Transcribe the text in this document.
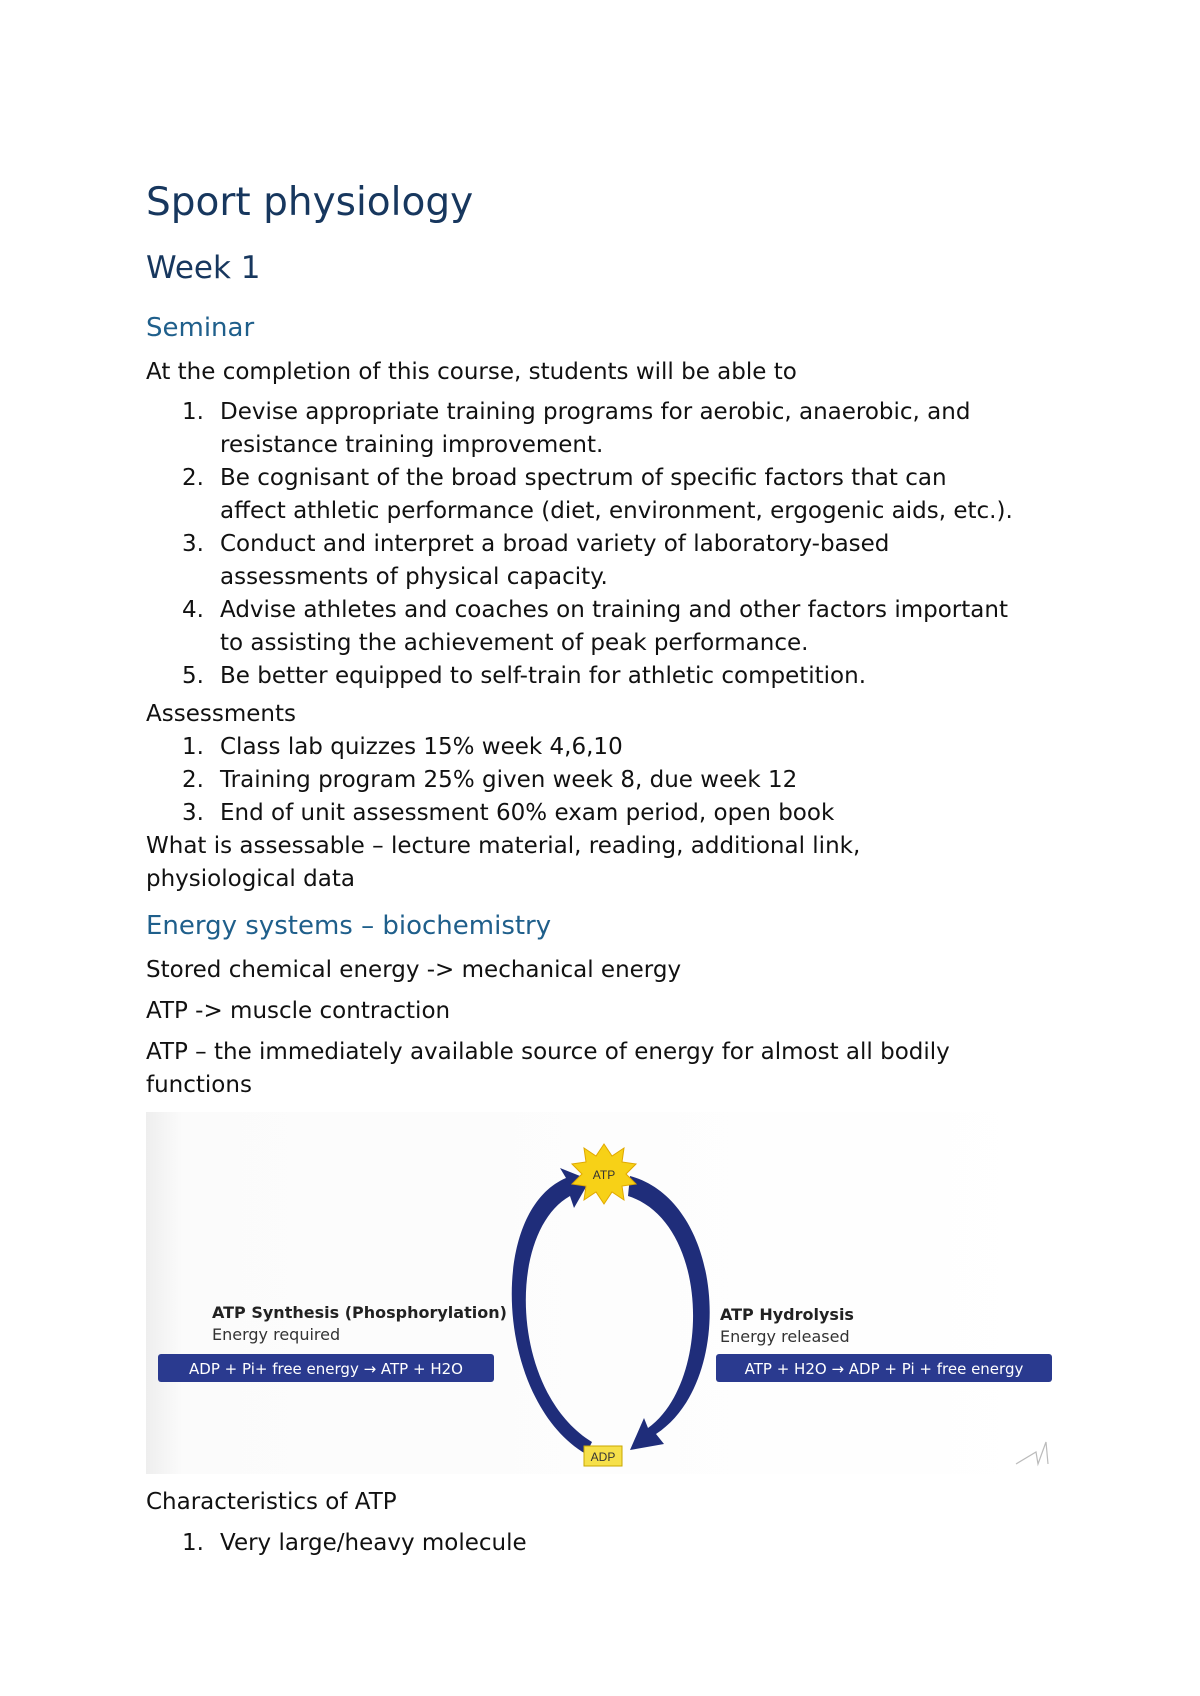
Sport physiology
Week 1
Seminar

At the completion of this course, students will be able to

1. Devise appropriate training programs for aerobic, anaerobic, and
resistance training improvement.
2. Be cognisant of the broad spectrum of specific factors that can
affect athletic performance (diet, environment, ergogenic aids, etc.).
3. Conduct and interpret a broad variety of laboratory-based
assessments of physical capacity.
4. Advise athletes and coaches on training and other factors important
to assisting the achievement of peak performance.
5. Be better equipped to self-train for athletic competition.

Assessments

1. Class lab quizzes 15% week 4,6,10
2. Training program 25% given week 8, due week 12
3. End of unit assessment 60% exam period, open book

What is assessable – lecture material, reading, additional link,
physiological data

Energy systems – biochemistry

Stored chemical energy -> mechanical energy

ATP -> muscle contraction

ATP – the immediately available source of energy for almost all bodily
functions

ATP
ADP
ATP Synthesis (Phosphorylation)
Energy required
ADP + Pi+ free energy → ATP + H2O
ATP Hydrolysis
Energy released
ATP + H2O → ADP + Pi + free energy

Characteristics of ATP

1. Very large/heavy molecule
